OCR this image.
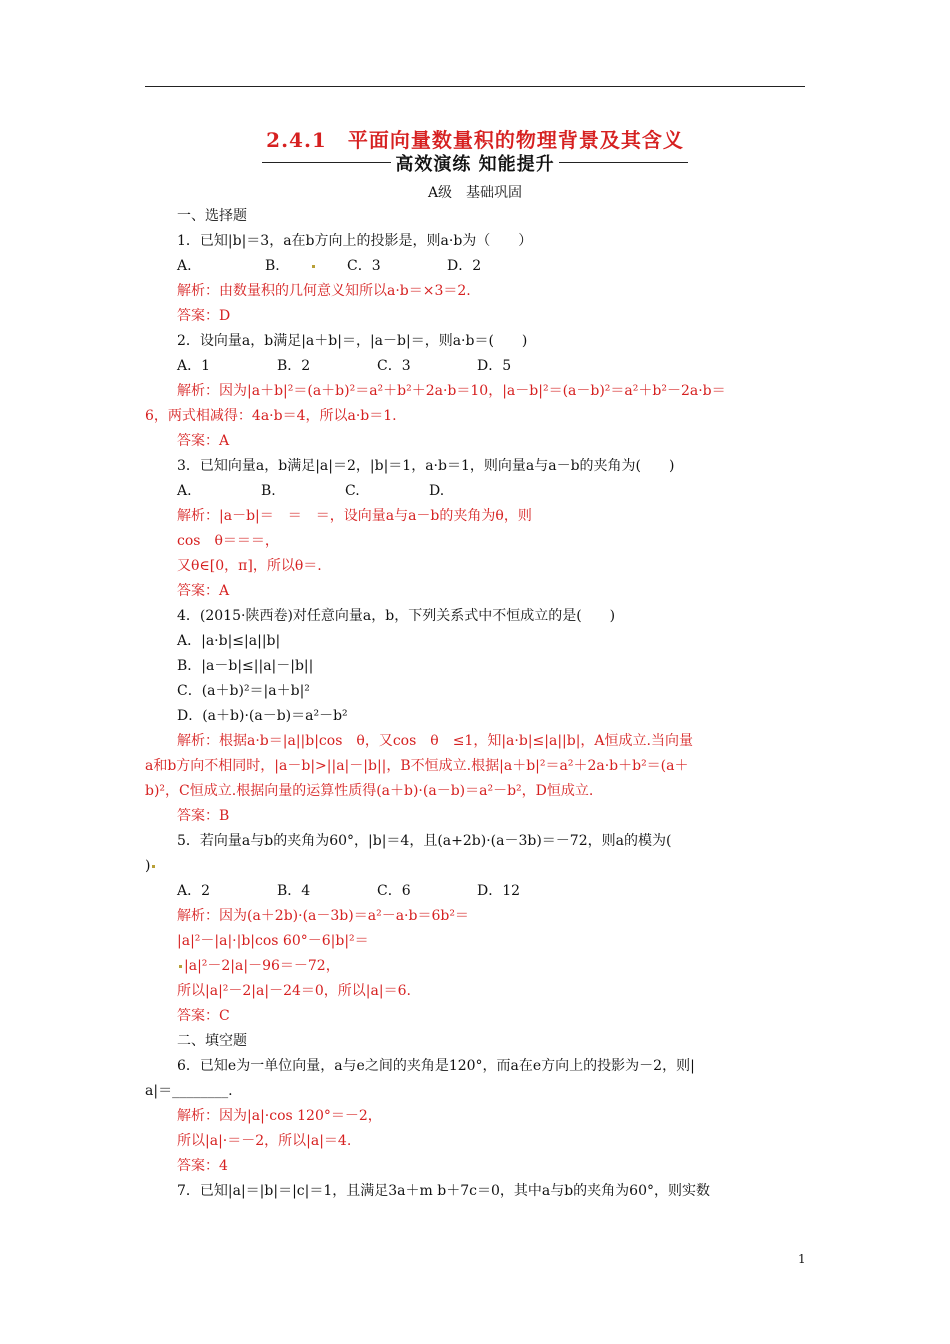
2.4.1　平面向量数量积的物理背景及其含义
高效演练 知能提升
A级　基础巩固
一、选择题
1．已知|b|＝3，a在b方向上的投影是，则a·b为（　　）
A.	B.	C．3	D．2
解析：由数量积的几何意义知所以a·b＝×3＝2.
答案：D
2．设向量a，b满足|a＋b|＝，|a－b|＝，则a·b＝(　　)
A．1	B．2	C．3	D．5
解析：因为|a＋b|²＝(a＋b)²＝a²＋b²＋2a·b＝10，|a－b|²＝(a－b)²＝a²＋b²－2a·b＝
6，两式相减得：4a·b＝4，所以a·b＝1.
答案：A
3．已知向量a，b满足|a|＝2，|b|＝1，a·b＝1，则向量a与a－b的夹角为(　　)
A.	B.	C.	D.
解析：|a－b|＝　＝　＝，设向量a与a－b的夹角为θ，则
cos　θ＝＝＝，
又θ∈[0，π]，所以θ＝.
答案：A
4．(2015·陕西卷)对任意向量a，b，下列关系式中不恒成立的是(　　)
A．|a·b|≤|a||b|
B．|a－b|≤||a|－|b||
C．(a＋b)²＝|a＋b|²
D．(a＋b)·(a－b)＝a²－b²
解析：根据a·b＝|a||b|cos　θ，又cos　θ　≤1，知|a·b|≤|a||b|，A恒成立.当向量
a和b方向不相同时，|a－b|>||a|－|b||，B不恒成立.根据|a＋b|²＝a²＋2a·b＋b²＝(a＋
b)²，C恒成立.根据向量的运算性质得(a＋b)·(a－b)＝a²－b²，D恒成立.
答案：B
5．若向量a与b的夹角为60°，|b|＝4，且(a+2b)·(a－3b)＝－72，则a的模为(
)
A．2	B．4	C．6	D．12
解析：因为(a＋2b)·(a－3b)＝a²－a·b＝6b²＝
|a|²－|a|·|b|cos 60°－6|b|²＝
|a|²－2|a|－96＝－72，
所以|a|²－2|a|－24＝0，所以|a|＝6.
答案：C
二、填空题
6．已知e为一单位向量，a与e之间的夹角是120°，而a在e方向上的投影为－2，则|
a|＝________.
解析：因为|a|·cos 120°＝－2，
所以|a|·＝－2，所以|a|＝4.
答案：4
7．已知|a|＝|b|＝|c|＝1，且满足3a＋m b＋7c＝0，其中a与b的夹角为60°，则实数
1
